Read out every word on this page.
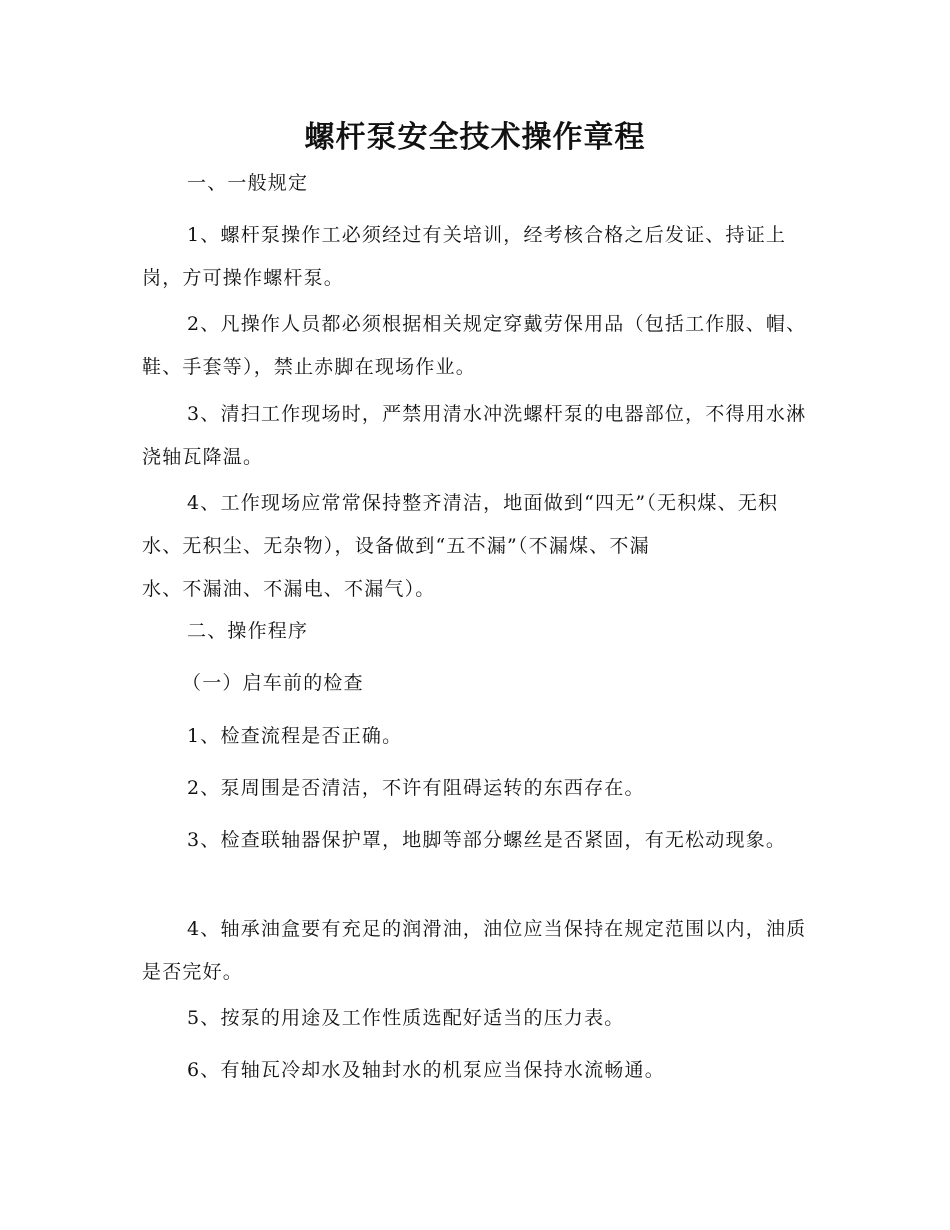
螺杆泵安全技术操作章程

一、一般规定

1、螺杆泵操作工必须经过有关培训，经考核合格之后发证、持证上岗，方可操作螺杆泵。

2、凡操作人员都必须根据相关规定穿戴劳保用品（包括工作服、帽、鞋、手套等），禁止赤脚在现场作业。

3、清扫工作现场时，严禁用清水冲洗螺杆泵的电器部位，不得用水淋浇轴瓦降温。

4、工作现场应常常保持整齐清洁，地面做到“四无”（无积煤、无积水、无积尘、无杂物），设备做到“五不漏”（不漏煤、不漏
水、不漏油、不漏电、不漏气）。

二、操作程序

（一）启车前的检查

1、检查流程是否正确。

2、泵周围是否清洁，不许有阻碍运转的东西存在。

3、检查联轴器保护罩，地脚等部分螺丝是否紧固，有无松动现象。

4、轴承油盒要有充足的润滑油，油位应当保持在规定范围以内，油质是否完好。

5、按泵的用途及工作性质选配好适当的压力表。

6、有轴瓦冷却水及轴封水的机泵应当保持水流畅通。
